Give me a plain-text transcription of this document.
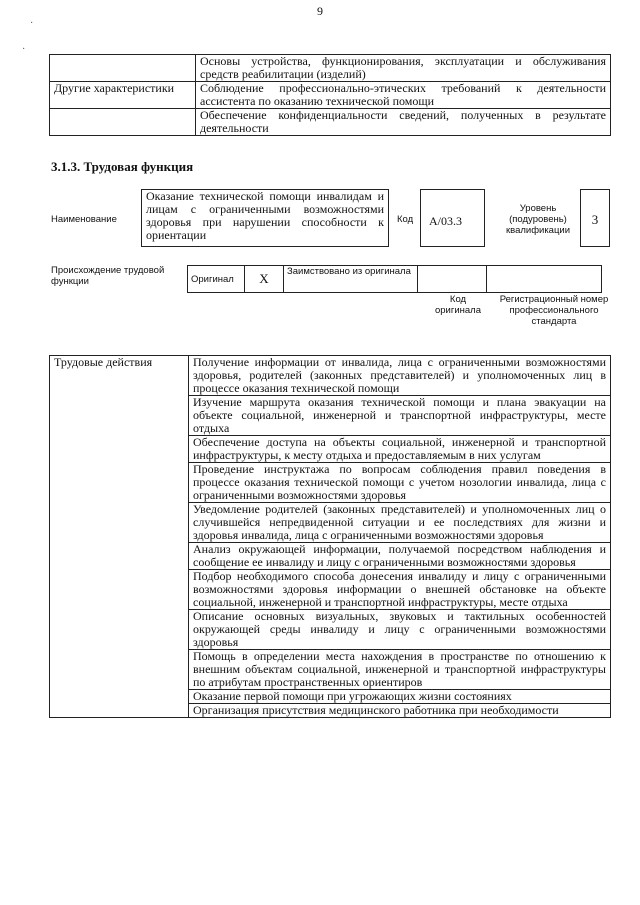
9
·
·
	Основы устройства, функционирования, эксплуатации и обслуживания средств реабилитации (изделий)
Другие характеристики	Соблюдение профессионально-этических требований к деятельности ассистента по оказанию технической помощи
	Обеспечение конфиденциальности сведений, полученных в результате деятельности
3.1.3. Трудовая функция
Наименование
Оказание технической помощи инвалидам и лицам с ограниченными возможностями здоровья при нарушении способности к ориентации
Код	A/03.3
Уровень (подуровень) квалификации
3
Происхождение трудовой функции	Оригинал	X	Заимствовано из оригинала		
Код оригинала
Регистрационный номер профессионального стандарта
Трудовые действия	Получение информации от инвалида, лица с ограниченными возможностями здоровья, родителей (законных представителей) и уполномоченных лиц в процессе оказания технической помощи
Изучение маршрута оказания технической помощи и плана эвакуации на объекте социальной, инженерной и транспортной инфраструктуры, месте отдыха
Обеспечение доступа на объекты социальной, инженерной и транспортной инфраструктуры, к месту отдыха и предоставляемым в них услугам
Проведение инструктажа по вопросам соблюдения правил поведения в процессе оказания технической помощи с учетом нозологии инвалида, лица с ограниченными возможностями здоровья
Уведомление родителей (законных представителей) и уполномоченных лиц о случившейся непредвиденной ситуации и ее последствиях для жизни и здоровья инвалида, лица с ограниченными возможностями здоровья
Анализ окружающей информации, получаемой посредством наблюдения и сообщение ее инвалиду и лицу с ограниченными возможностями здоровья
Подбор необходимого способа донесения инвалиду и лицу с ограниченными возможностями здоровья информации о внешней обстановке на объекте социальной, инженерной и транспортной инфраструктуры, месте отдыха
Описание основных визуальных, звуковых и тактильных особенностей окружающей среды инвалиду и лицу с ограниченными возможностями здоровья
Помощь в определении места нахождения в пространстве по отношению к внешним объектам социальной, инженерной и транспортной инфраструктуры по атрибутам пространственных ориентиров
Оказание первой помощи при угрожающих жизни состояниях
Организация присутствия медицинского работника при необходимости
